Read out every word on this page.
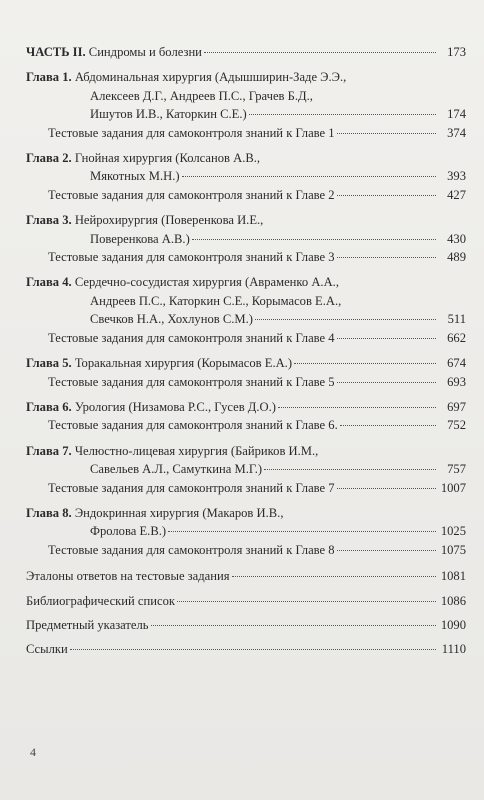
ЧАСТЬ II. Синдромы и болезни	173
Глава 1. Абдоминальная хирургия (Адышширин-Заде Э.Э.,
Алексеев Д.Г., Андреев П.С., Грачев Б.Д.,
Ишутов И.В., Каторкин С.Е.)	174
Тестовые задания для самоконтроля знаний к Главе 1	374
Глава 2. Гнойная хирургия (Колсанов А.В.,
Мякотных М.Н.)	393
Тестовые задания для самоконтроля знаний к Главе 2	427
Глава 3. Нейрохирургия (Поверенкова И.Е.,
Поверенкова А.В.)	430
Тестовые задания для самоконтроля знаний к Главе 3	489
Глава 4. Сердечно-сосудистая хирургия (Авраменко А.А.,
Андреев П.С., Каторкин С.Е., Корымасов Е.А.,
Свечков Н.А., Хохлунов С.М.)	511
Тестовые задания для самоконтроля знаний к Главе 4	662
Глава 5. Торакальная хирургия (Корымасов Е.А.)	674
Тестовые задания для самоконтроля знаний к Главе 5	693
Глава 6. Урология (Низамова Р.С., Гусев Д.О.)	697
Тестовые задания для самоконтроля знаний к Главе 6.	752
Глава 7. Челюстно-лицевая хирургия (Байриков И.М.,
Савельев А.Л., Самуткина М.Г.)	757
Тестовые задания для самоконтроля знаний к Главе 7	1007
Глава 8. Эндокринная хирургия (Макаров И.В.,
Фролова Е.В.)	1025
Тестовые задания для самоконтроля знаний к Главе 8	1075
Эталоны ответов на тестовые задания	1081
Библиографический список	1086
Предметный указатель	1090
Ссылки	1110
4
